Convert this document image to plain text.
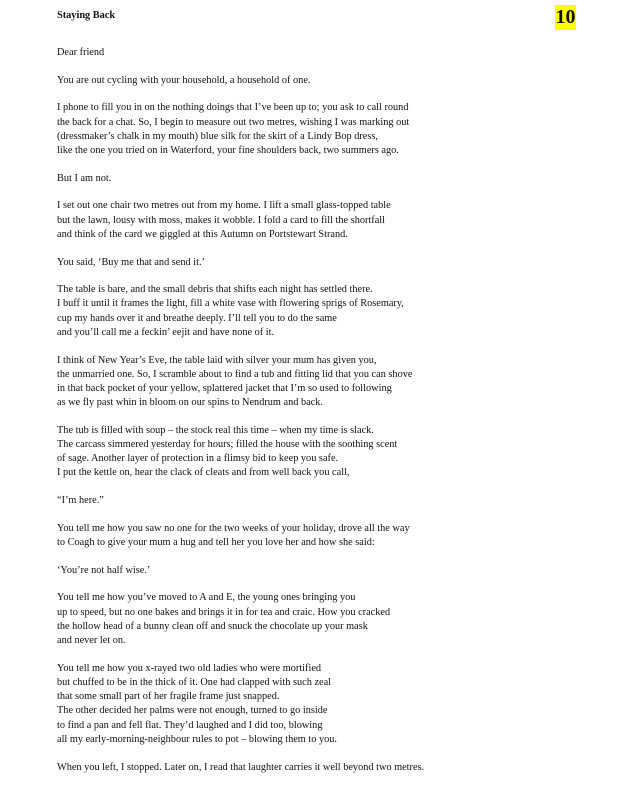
Staying Back	10

Dear friend

You are out cycling with your household, a household of one.

I phone to fill you in on the nothing doings that I’ve been up to; you ask to call round
the back for a chat. So, I begin to measure out two metres, wishing I was marking out
(dressmaker’s chalk in my mouth) blue silk for the skirt of a Lindy Bop dress,
like the one you tried on in Waterford, your fine shoulders back, two summers ago.

But I am not.

I set out one chair two metres out from my home. I lift a small glass-topped table
but the lawn, lousy with moss, makes it wobble. I fold a card to fill the shortfall
and think of the card we giggled at this Autumn on Portstewart Strand.

You said, ‘Buy me that and send it.’

The table is bare, and the small debris that shifts each night has settled there.
I buff it until it frames the light, fill a white vase with flowering sprigs of Rosemary,
cup my hands over it and breathe deeply. I’ll tell you to do the same
and you’ll call me a feckin’ eejit and have none of it.

I think of New Year’s Eve, the table laid with silver your mum has given you,
the unmarried one. So, I scramble about to find a tub and fitting lid that you can shove
in that back pocket of your yellow, splattered jacket that I’m so used to following
as we fly past whin in bloom on our spins to Nendrum and back.

The tub is filled with soup – the stock real this time – when my time is slack.
The carcass simmered yesterday for hours; filled the house with the soothing scent
of sage. Another layer of protection in a flimsy bid to keep you safe.
I put the kettle on, hear the clack of cleats and from well back you call,

“I’m here.”

You tell me how you saw no one for the two weeks of your holiday, drove all the way
to Coagh to give your mum a hug and tell her you love her and how she said:

‘You’re not half wise.’

You tell me how you’ve moved to A and E, the young ones bringing you
up to speed, but no one bakes and brings it in for tea and craic. How you cracked
the hollow head of a bunny clean off and snuck the chocolate up your mask
and never let on.

You tell me how you x-rayed two old ladies who were mortified
but chuffed to be in the thick of it. One had clapped with such zeal
that some small part of her fragile frame just snapped.
The other decided her palms were not enough, turned to go inside
to find a pan and fell flat. They’d laughed and I did too, blowing
all my early-morning-neighbour rules to pot – blowing them to you.

When you left, I stopped. Later on, I read that laughter carries it well beyond two metres.
